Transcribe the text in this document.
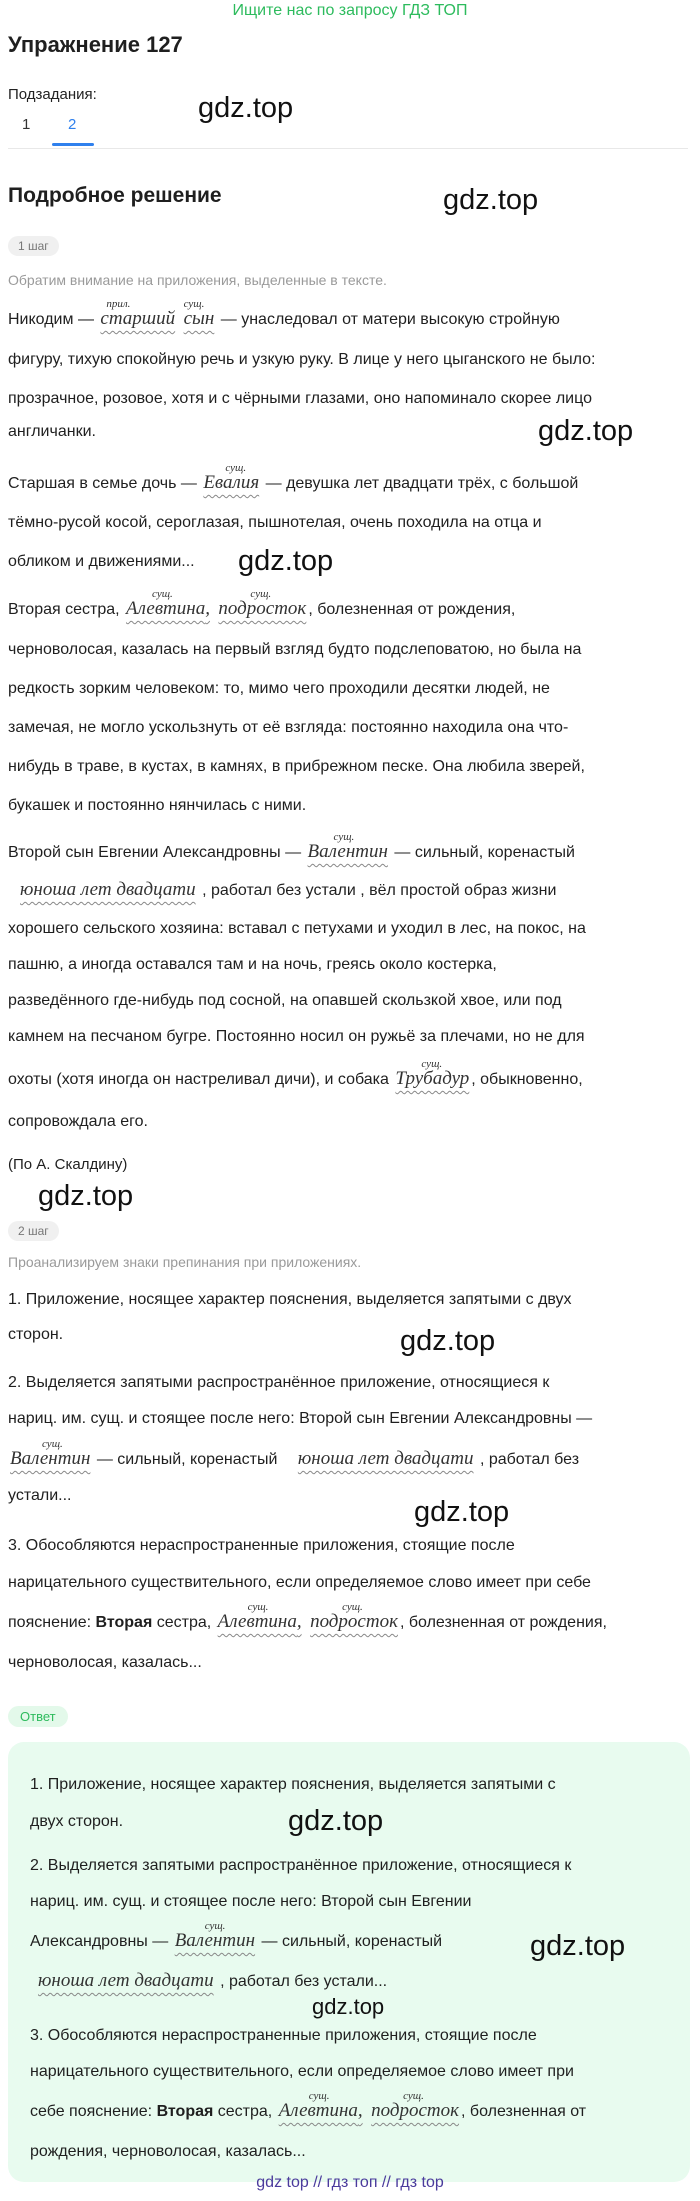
Ищите нас по запросу ГДЗ ТОП
Упражнение 127
Подзадания:
1	2
gdz.top
Подробное решение	gdz.top
1 шаг
Обратим внимание на приложения, выделенные в тексте.
Никодим —
прил.
старший
сущ.
сын — унаследовал от матери высокую стройную
фигуру, тихую спокойную речь и узкую руку. В лице у него цыганского не было:
прозрачное, розовое, хотя и с чёрными глазами, оно напоминало скорее лицо
англичанки.	gdz.top
Старшая в семье дочь —
сущ.
Евалия — девушка лет двадцати трёх, с большой
тёмно-русой косой, сероглазая, пышнотелая, очень походила на отца и
обликом и движениями...	gdz.top
Вторая сестра,
сущ.
Алевтина,
сущ.
подросток , болезненная от рождения,
черноволосая, казалась на первый взгляд будто подслеповатою, но была на
редкость зорким человеком: то, мимо чего проходили десятки людей, не
замечая, не могло ускользнуть от её взгляда: постоянно находила она что-
нибудь в траве, в кустах, в камнях, в прибрежном песке. Она любила зверей,
букашек и постоянно нянчилась с ними.
Второй сын Евгении Александровны —
сущ.
Валентин — сильный, коренастый
юноша лет двадцати , работал без устали , вёл простой образ жизни
хорошего сельского хозяина: вставал с петухами и уходил в лес, на покос, на
пашню, а иногда оставался там и на ночь, греясь около костерка,
разведённого где-нибудь под сосной, на опавшей скользкой хвое, или под
камнем на песчаном бугре. Постоянно носил он ружьё за плечами, но не для
охоты (хотя иногда он настреливал дичи), и собака
сущ.
Трубадур , обыкновенно,
сопровождала его.
(По А. Скалдину)
gdz.top
2 шаг
Проанализируем знаки препинания при приложениях.
1. Приложение, носящее характер пояснения, выделяется запятыми с двух
сторон.	gdz.top
2. Выделяется запятыми распространённое приложение, относящиеся к
нариц. им. сущ. и стоящее после него: Второй сын Евгении Александровны —
сущ.
Валентин — сильный, коренастый юноша лет двадцати , работал без
устали...
gdz.top
3. Обособляются нераспространенные приложения, стоящие после
нарицательного существительного, если определяемое слово имеет при себе
пояснение: Вторая сестра,
сущ.
Алевтина,
сущ.
подросток , болезненная от рождения,
черноволосая, казалась...
Ответ
1. Приложение, носящее характер пояснения, выделяется запятыми с
двух сторон.	gdz.top
2. Выделяется запятыми распространённое приложение, относящиеся к
нариц. им. сущ. и стоящее после него: Второй сын Евгении
Александровны —
сущ.
Валентин — сильный, коренастый	gdz.top
юноша лет двадцати , работал без устали...
gdz.top
3. Обособляются нераспространенные приложения, стоящие после
нарицательного существительного, если определяемое слово имеет при
себе пояснение: Вторая сестра,
сущ.
Алевтина,
сущ.
подросток , болезненная от
рождения, черноволосая, казалась...
gdz top // гдз топ // гдз top
